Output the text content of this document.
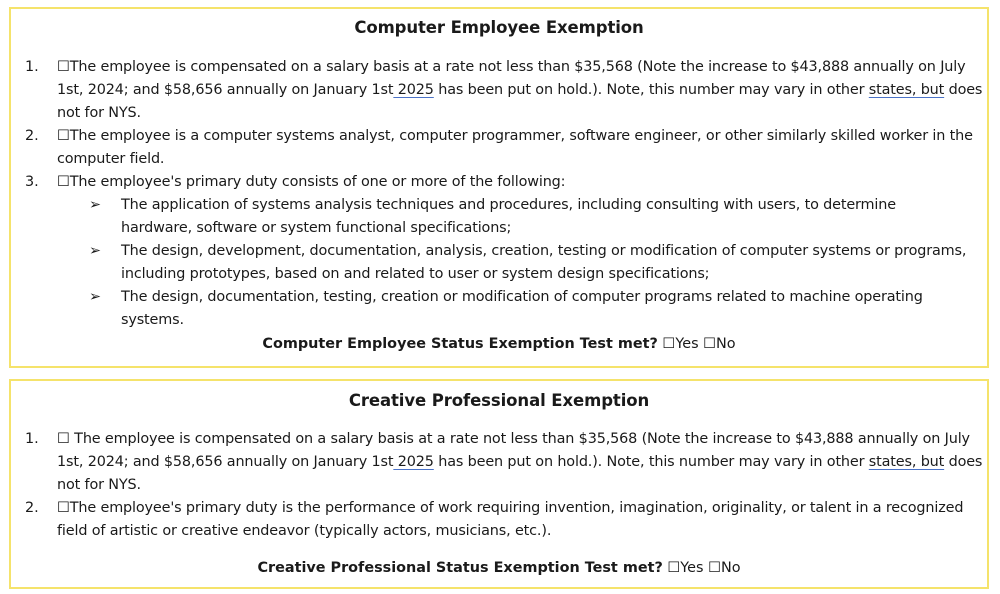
Computer Employee Exemption
1. ☐The employee is compensated on a salary basis at a rate not less than $35,568 (Note the increase to $43,888 annually on July
1st, 2024; and $58,656 annually on January 1st 2025 has been put on hold.). Note, this number may vary in other states, but does
not for NYS.
2. ☐The employee is a computer systems analyst, computer programmer, software engineer, or other similarly skilled worker in the
computer field.
3. ☐The employee's primary duty consists of one or more of the following:
➢ The application of systems analysis techniques and procedures, including consulting with users, to determine
hardware, software or system functional specifications;
➢ The design, development, documentation, analysis, creation, testing or modification of computer systems or programs,
including prototypes, based on and related to user or system design specifications;
➢ The design, documentation, testing, creation or modification of computer programs related to machine operating
systems.
Computer Employee Status Exemption Test met? ☐Yes ☐No
Creative Professional Exemption
1. ☐ The employee is compensated on a salary basis at a rate not less than $35,568 (Note the increase to $43,888 annually on July
1st, 2024; and $58,656 annually on January 1st 2025 has been put on hold.). Note, this number may vary in other states, but does
not for NYS.
2. ☐The employee's primary duty is the performance of work requiring invention, imagination, originality, or talent in a recognized
field of artistic or creative endeavor (typically actors, musicians, etc.).
Creative Professional Status Exemption Test met? ☐Yes ☐No
